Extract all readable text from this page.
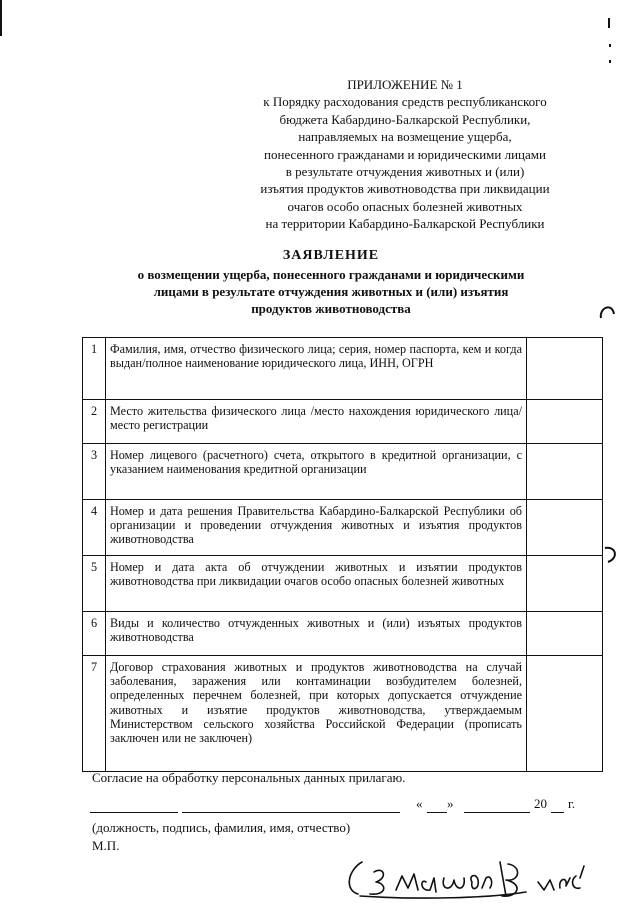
ПРИЛОЖЕНИЕ № 1
к Порядку расходования средств республиканского
бюджета Кабардино-Балкарской Республики,
направляемых на возмещение ущерба,
понесенного гражданами и юридическими лицами
в результате отчуждения животных и (или)
изъятия продуктов животноводства при ликвидации
очагов особо опасных болезней животных
на территории Кабардино-Балкарской Республики
ЗАЯВЛЕНИЕ
о возмещении ущерба, понесенного гражданами и юридическими
лицами в результате отчуждения животных и (или) изъятия
продуктов животноводства
1	Фамилия, имя, отчество физического лица; серия, номер паспорта, кем и когда выдан/полное наименование юридического лица, ИНН, ОГРН	
2	Место жительства физического лица /место нахождения юридического лица/место регистрации	
3	Номер лицевого (расчетного) счета, открытого в кредитной организации, с указанием наименования кредитной организации	
4	Номер и дата решения Правительства Кабардино-Балкарской Республики об организации и проведении отчуждения животных и изъятия продуктов животноводства	
5	Номер и дата акта об отчуждении животных и изъятии продуктов животноводства при ликвидации очагов особо опасных болезней животных	
6	Виды и количество отчужденных животных и (или) изъятых продуктов животноводства	
7	Договор страхования животных и продуктов животноводства на случай заболевания, заражения или контаминации возбудителем болезней, определенных перечнем болезней, при которых допускается отчуждение животных и изъятие продуктов животноводства, утверждаемым Министерством сельского хозяйства Российской Федерации (прописать заключен или не заключен)	
Согласие на обработку персональных данных прилагаю.
« »	20 г.
(должность, подпись, фамилия, имя, отчество)
М.П.
